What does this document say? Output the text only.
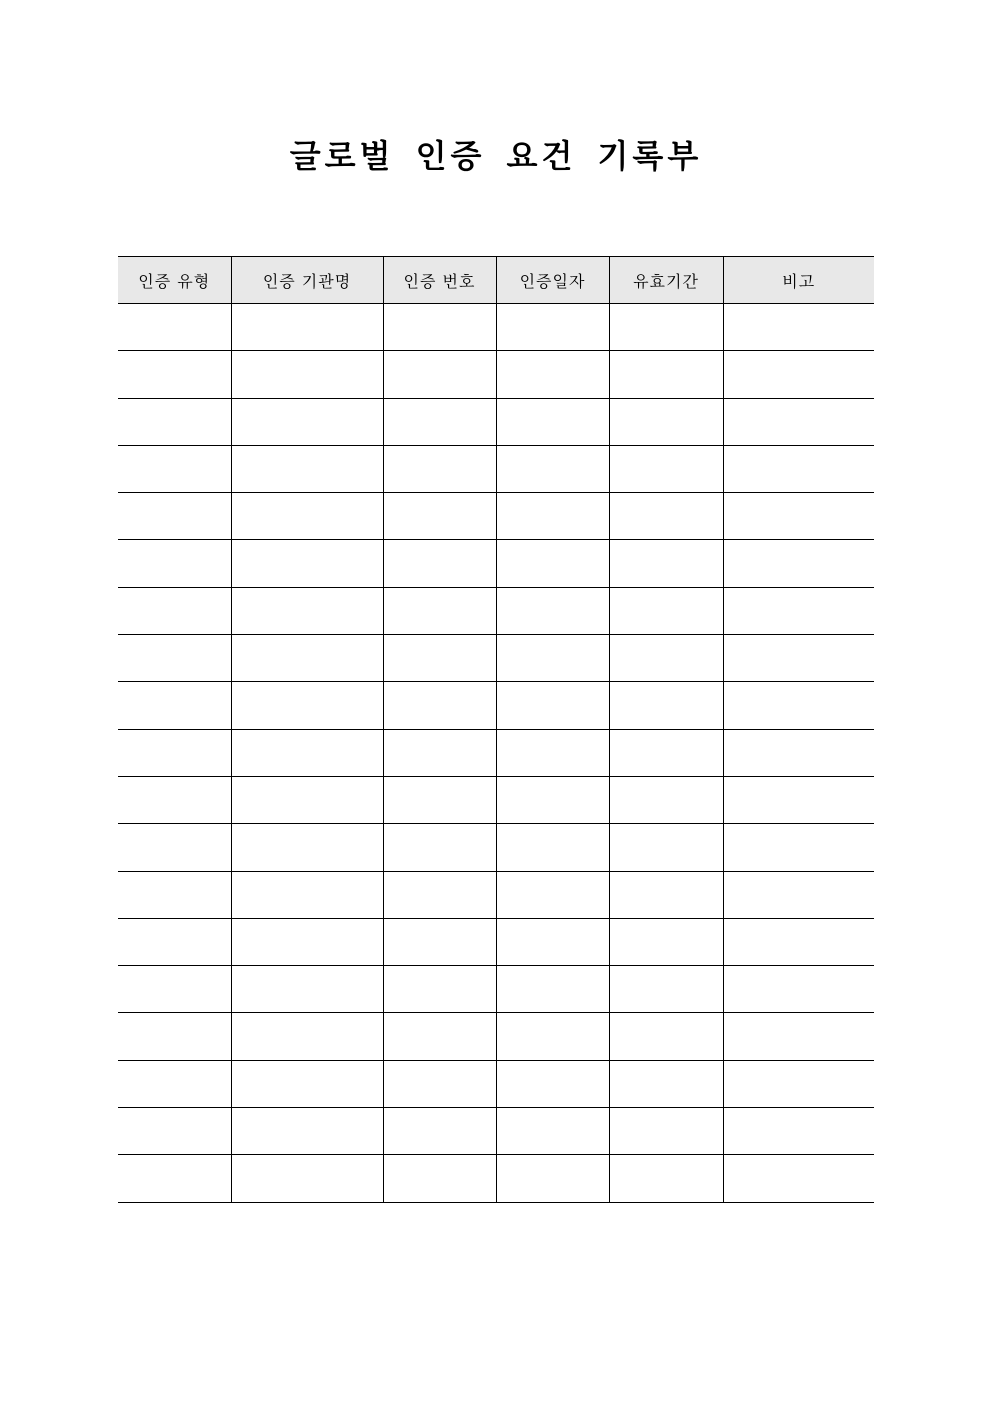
글로벌 인증 요건 기록부
인증 유형	인증 기관명	인증 번호	인증일자	유효기간	비고
